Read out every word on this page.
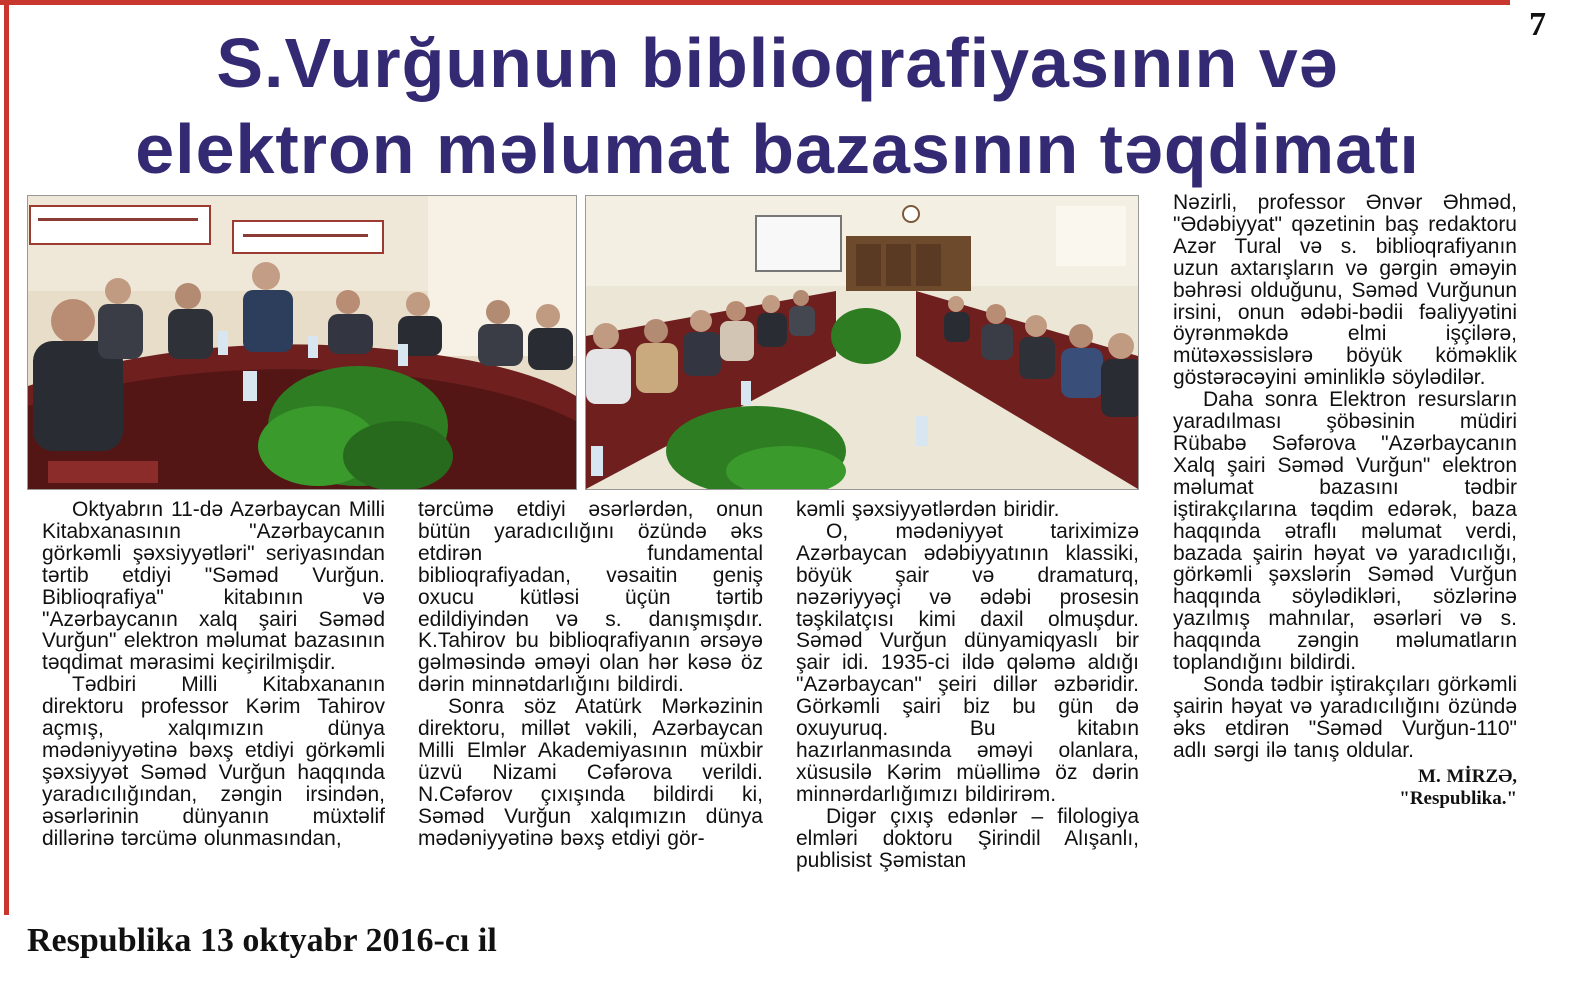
7
S.Vurğunun biblioqrafiyasının və
elektron məlumat bazasının təqdimatı

Oktyabrın 11-də Azərbaycan Milli Kitabxanasının "Azərbaycanın görkəmli şəxsiyyətləri" seriyasından tərtib etdiyi "Səməd Vurğun. Biblioqrafiya" kitabının və "Azərbaycanın xalq şairi Səməd Vurğun" elektron məlumat bazasının təqdimat mərasimi keçirilmişdir.

Tədbiri Milli Kitabxananın direktoru professor Kərim Tahirov açmış, xalqımızın dünya mədəniyyətinə bəxş etdiyi görkəmli şəxsiyyət Səməd Vurğun haqqında yaradıcılığından, zəngin irsindən, əsərlərinin dünyanın müxtəlif dillərinə tərcümə olunmasından,

tərcümə etdiyi əsərlərdən, onun bütün yaradıcılığını özündə əks etdirən fundamental biblioqrafiyadan, vəsaitin geniş oxucu kütləsi üçün tərtib edildiyindən və s. danışmışdır. K.Tahirov bu biblioqrafiyanın ərsəyə gəlməsində əməyi olan hər kəsə öz dərin minnətdarlığını bildirdi.

Sonra söz Atatürk Mərkəzinin direktoru, millət vəkili, Azərbaycan Milli Elmlər Akademiyasının müxbir üzvü Nizami Cəfərova verildi. N.Cəfərov çıxışında bildirdi ki, Səməd Vurğun xalqımızın dünya mədəniyyətinə bəxş etdiyi gör-

kəmli şəxsiyyətlərdən biridir.

O, mədəniyyət tariximizə Azərbaycan ədəbiyyatının klassiki, böyük şair və dramaturq, nəzəriyyəçi və ədəbi prosesin təşkilatçısı kimi daxil olmuşdur. Səməd Vurğun dünyamiqyaslı bir şair idi. 1935-ci ildə qələmə aldığı "Azərbaycan" şeiri dillər əzbəridir. Görkəmli şairi biz bu gün də oxuyuruq. Bu kitabın hazırlanmasında əməyi olanlara, xüsusilə Kərim müəllimə öz dərin minnərdarlığımızı bildirirəm.

Digər çıxış edənlər – filologiya elmləri doktoru Şirindil Alışanlı, publisist Şəmistan

Nəzirli, professor Ənvər Əhməd, "Ədəbiyyat" qəzetinin baş redaktoru Azər Tural və s. biblioqrafiyanın uzun axtarışların və gərgin əməyin bəhrəsi olduğunu, Səməd Vurğunun irsini, onun ədəbi-bədii fəaliyyətini öyrənməkdə elmi işçilərə, mütəxəssislərə böyük köməklik göstərəcəyini əminliklə söylədilər.

Daha sonra Elektron resursların yaradılması şöbəsinin müdiri Rübabə Səfərova "Azərbaycanın Xalq şairi Səməd Vurğun" elektron məlumat bazasını tədbir iştirakçılarına təqdim edərək, baza haqqında ətraflı məlumat verdi, bazada şairin həyat və yaradıcılığı, görkəmli şəxslərin Səməd Vurğun haqqında söylədikləri, sözlərinə yazılmış mahnılar, əsərləri və s. haqqında zəngin məlumatların toplandığını bildirdi.

Sonda tədbir iştirakçıları görkəmli şairin həyat və yaradıcılığını özündə əks etdirən "Səməd Vurğun-110" adlı sərgi ilə tanış oldular.

M. MİRZƏ,
"Respublika."
Respublika 13 oktyabr 2016-cı il
